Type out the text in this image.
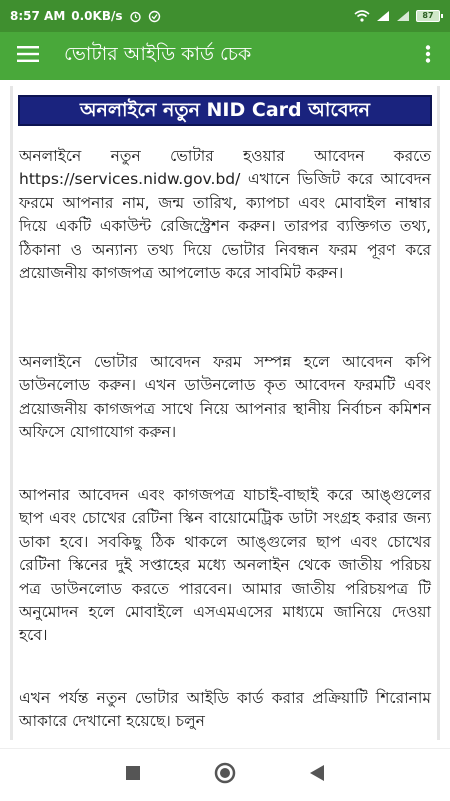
8:57 AM 0.0KB/s	87
ভোটার আইডি কার্ড চেক
অনলাইনে নতুন NID Card আবেদন

অনলাইনে নতুন ভোটার হওয়ার আবেদন করতে https://services.nidw.gov.bd/ এখানে ভিজিট করে আবেদন ফরমে আপনার নাম, জন্ম তারিখ, ক্যাপচা এবং মোবাইল নাম্বার দিয়ে একটি একাউন্ট রেজিস্ট্রেশন করুন। তারপর ব্যক্তিগত তথ্য, ঠিকানা ও অন্যান্য তথ্য দিয়ে ভোটার নিবন্ধন ফরম পূরণ করে প্রয়োজনীয় কাগজপত্র আপলোড করে সাবমিট করুন।

অনলাইনে ভোটার আবেদন ফরম সম্পন্ন হলে আবেদন কপি ডাউনলোড করুন। এখন ডাউনলোড কৃত আবেদন ফরমটি এবং প্রয়োজনীয় কাগজপত্র সাথে নিয়ে আপনার স্থানীয় নির্বাচন কমিশন অফিসে যোগাযোগ করুন।

আপনার আবেদন এবং কাগজপত্র যাচাই-বাছাই করে আঙ্গুলের ছাপ এবং চোখের রেটিনা স্কিন বায়োমেট্রিক ডাটা সংগ্রহ করার জন্য ডাকা হবে। সবকিছু ঠিক থাকলে আঙ্গুলের ছাপ এবং চোখের রেটিনা স্কিনের দুই সপ্তাহের মধ্যে অনলাইন থেকে জাতীয় পরিচয় পত্র ডাউনলোড করতে পারবেন। আমার জাতীয় পরিচয়পত্র টি অনুমোদন হলে মোবাইলে এসএমএসের মাধ্যমে জানিয়ে দেওয়া হবে।

এখন পর্যন্ত নতুন ভোটার আইডি কার্ড করার প্রক্রিয়াটি শিরোনাম আকারে দেখানো হয়েছে। চলুন
